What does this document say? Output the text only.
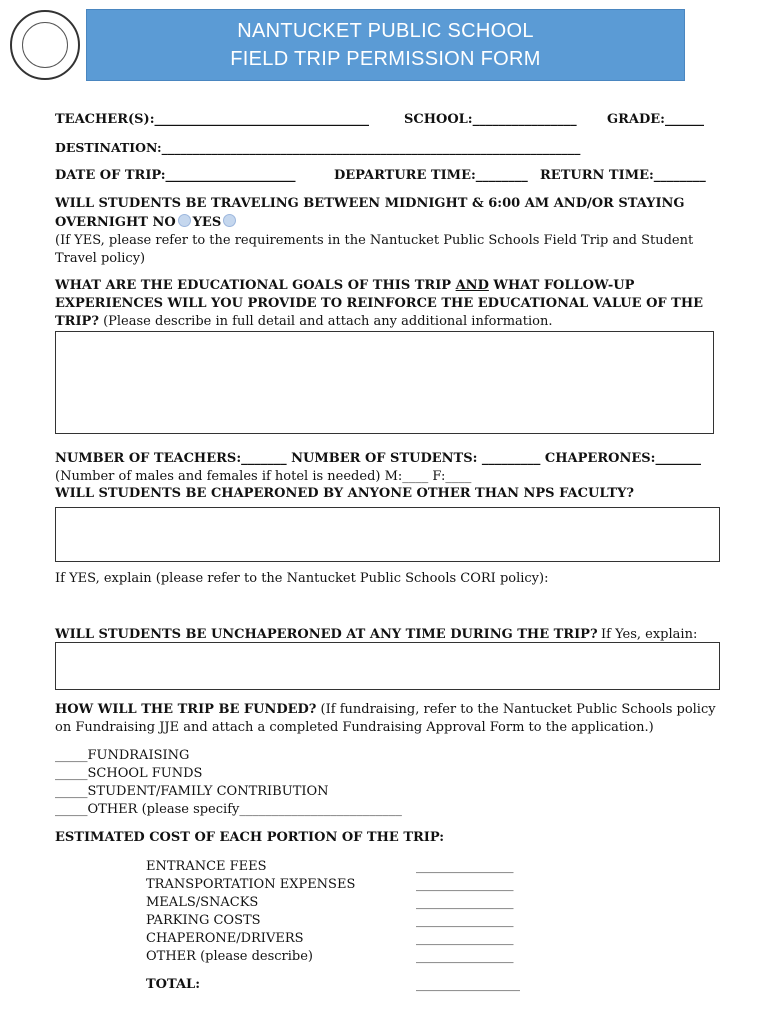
NANTUCKET PUBLIC SCHOOL
FIELD TRIP PERMISSION FORM
TEACHER(S):_________________________________	SCHOOL:________________ GRADE:______
DESTINATION:___________________________________________________________________
DATE OF TRIP:____________________	DEPARTURE TIME:________ RETURN TIME:________
WILL STUDENTS BE TRAVELING BETWEEN MIDNIGHT & 6:00 AM AND/OR STAYING
OVERNIGHT NO YES
(If YES, please refer to the requirements in the Nantucket Public Schools Field Trip and Student
Travel policy)
WHAT ARE THE EDUCATIONAL GOALS OF THIS TRIP AND WHAT FOLLOW-UP
EXPERIENCES WILL YOU PROVIDE TO REINFORCE THE EDUCATIONAL VALUE OF THE
TRIP? (Please describe in full detail and attach any additional information.
NUMBER OF TEACHERS:_______ NUMBER OF STUDENTS: _________ CHAPERONES:_______
(Number of males and females if hotel is needed) M:____ F:____
WILL STUDENTS BE CHAPERONED BY ANYONE OTHER THAN NPS FACULTY?
If YES, explain (please refer to the Nantucket Public Schools CORI policy):
WILL STUDENTS BE UNCHAPERONED AT ANY TIME DURING THE TRIP? If Yes, explain:
HOW WILL THE TRIP BE FUNDED? (If fundraising, refer to the Nantucket Public Schools policy
on Fundraising JJE and attach a completed Fundraising Approval Form to the application.)
_____FUNDRAISING
_____SCHOOL FUNDS
_____STUDENT/FAMILY CONTRIBUTION
_____OTHER (please specify_________________________
ESTIMATED COST OF EACH PORTION OF THE TRIP:
ENTRANCE FEES	_______________
TRANSPORTATION EXPENSES	_______________
MEALS/SNACKS	_______________
PARKING COSTS	_______________
CHAPERONE/DRIVERS	_______________
OTHER (please describe)	_______________
TOTAL:	________________
